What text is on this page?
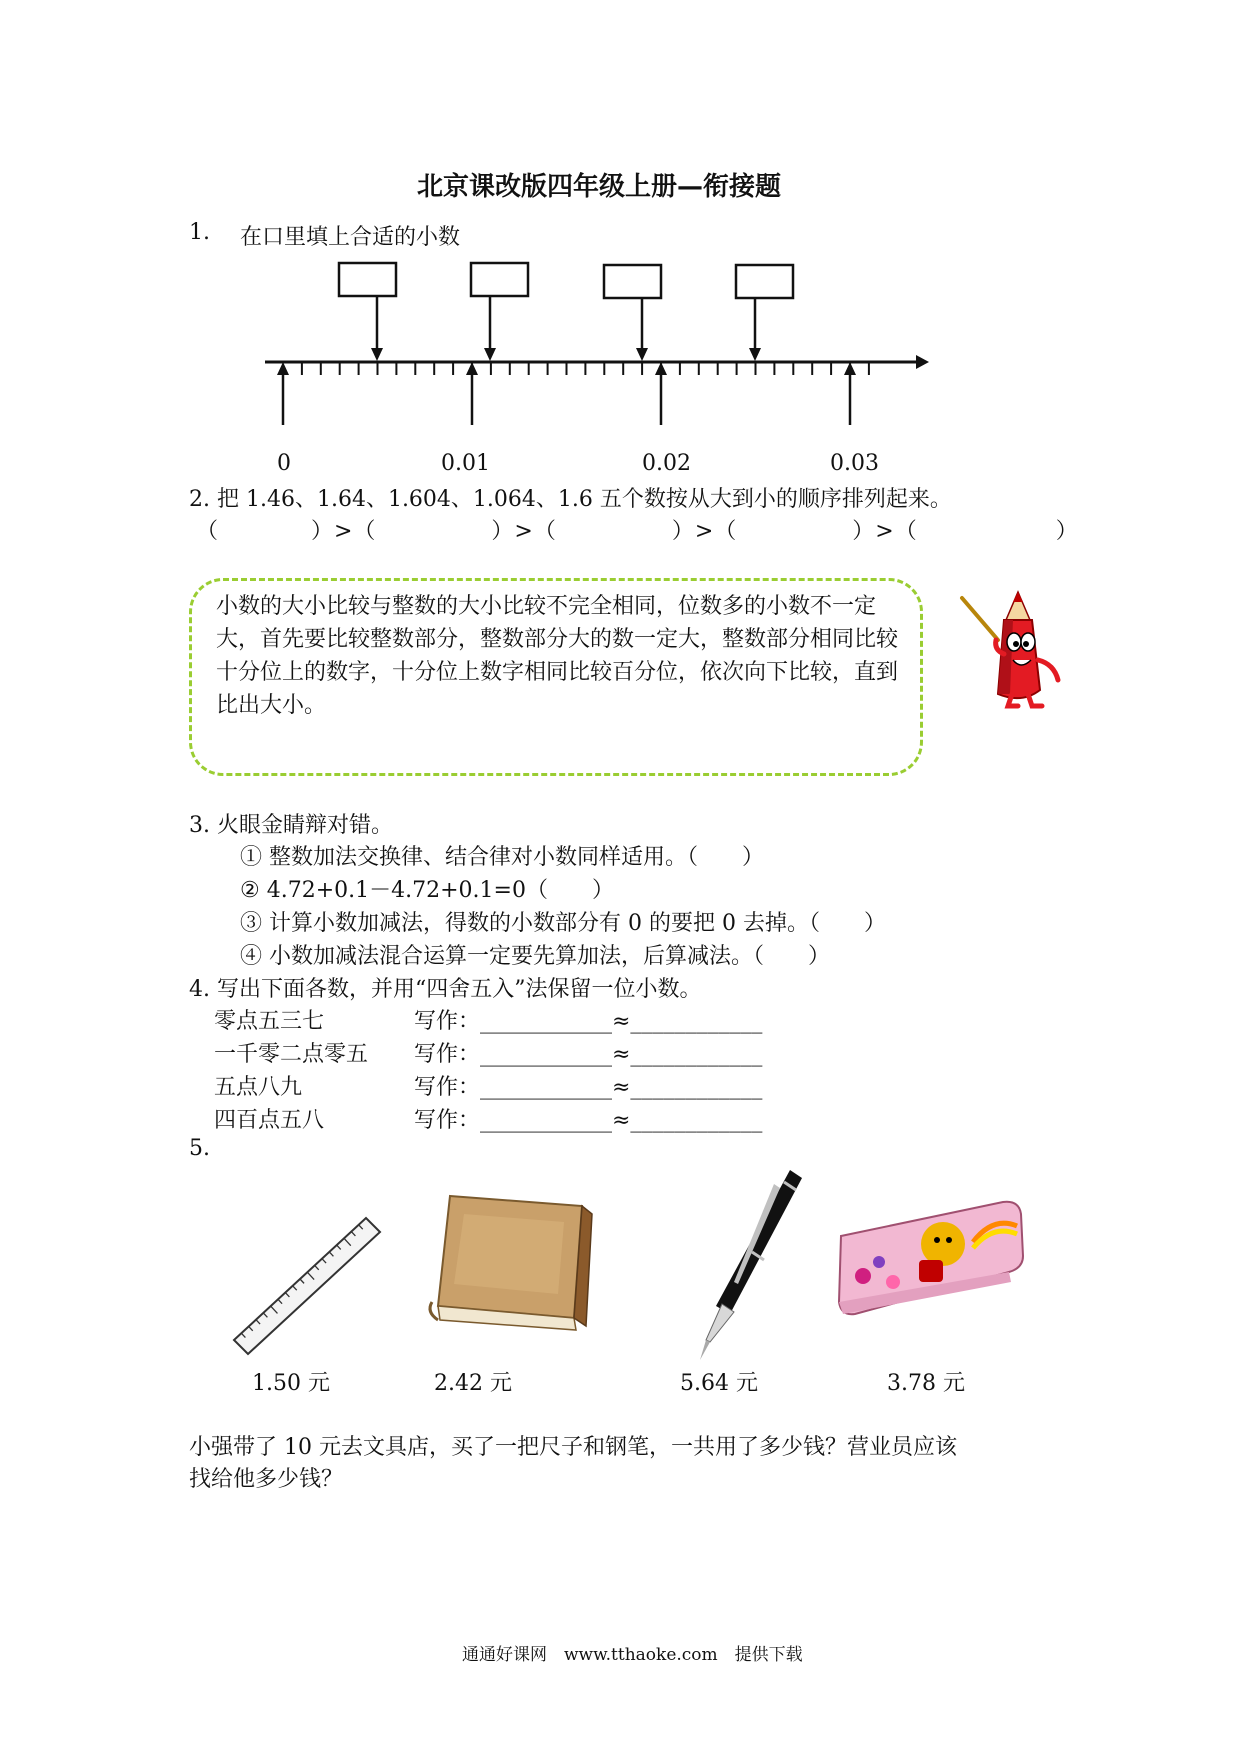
北京课改版四年级上册—衔接题
1. 在口里填上合适的小数
0	0.01	0.02	0.03
2. 把 1.46、1.64、1.604、1.064、1.6 五个数按从大到小的顺序排列起来。
（　　　　）>（　　　　　）>（　　　　　）>（　　　　　）>（　　　　　　）
小数的大小比较与整数的大小比较不完全相同，位数多的小数不一定大，首先要比较整数部分，整数部分大的数一定大，整数部分相同比较十分位上的数字，十分位上数字相同比较百分位，依次向下比较，直到比出大小。
3. 火眼金睛辩对错。
① 整数加法交换律、结合律对小数同样适用。（　　）
② 4.72+0.1－4.72+0.1=0（　　）
③ 计算小数加减法，得数的小数部分有 0 的要把 0 去掉。（　　）
④ 小数加减法混合运算一定要先算加法，后算减法。（　　）
4. 写出下面各数，并用“四舍五入”法保留一位小数。
零点五三七	写作：____________≈____________
一千零二点零五 写作：____________≈____________
五点八九	写作：____________≈____________
四百点五八	写作：____________≈____________
5.
1.50 元	2.42 元	5.64 元	3.78 元
小强带了 10 元去文具店，买了一把尺子和钢笔，一共用了多少钱？营业员应该
找给他多少钱？
通通好课网　www.tthaoke.com　提供下载
